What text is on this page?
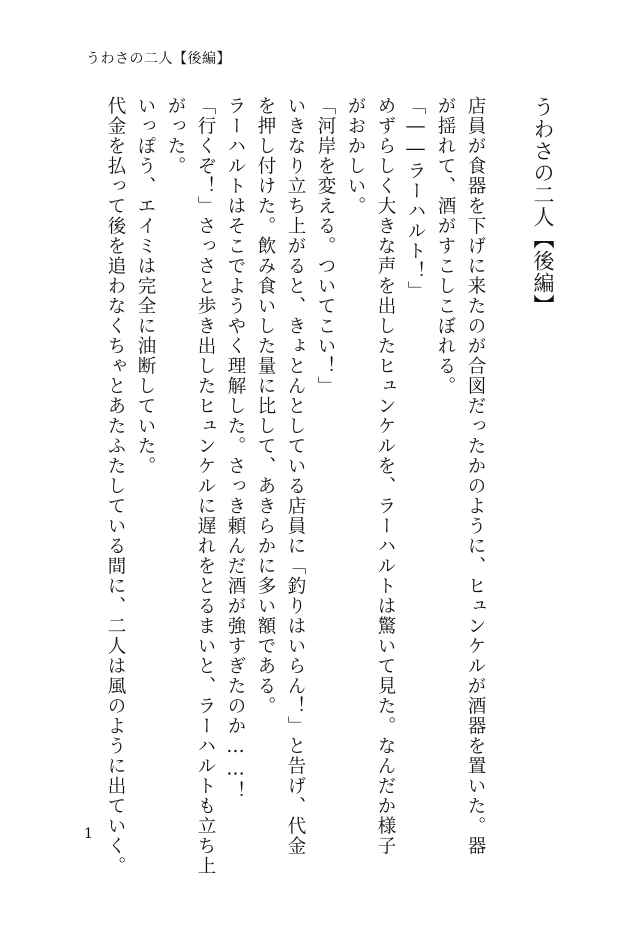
うわさの二人【後編】
うわさの二人【後編】
店員が食器を下げに来たのが合図だったかのように、ヒュンケルが酒器を置いた。器
が揺れて、酒がすこしこぼれる。
「――ラーハルト！」
めずらしく大きな声を出したヒュンケルを、ラーハルトは驚いて見た。なんだか様子
がおかしい。
「河岸を変える。ついてこい！」
いきなり立ち上がると、きょとんとしている店員に「釣りはいらん！」と告げ、代金
を押し付けた。飲み食いした量に比して、あきらかに多い額である。
ラーハルトはそこでようやく理解した。さっき頼んだ酒が強すぎたのか……！
「行くぞ！」さっさと歩き出したヒュンケルに遅れをとるまいと、ラーハルトも立ち上
がった。
いっぽう、エイミは完全に油断していた。
代金を払って後を追わなくちゃとあたふたしている間に、二人は風のように出ていく。
1
